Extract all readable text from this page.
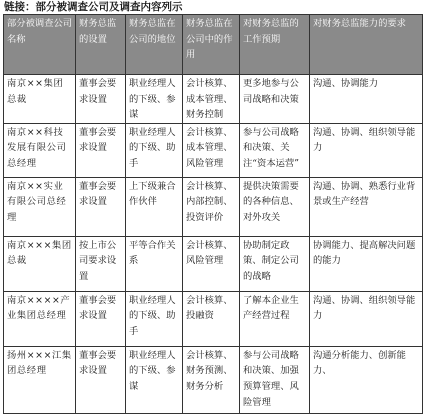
链接：部分被调查公司及调查内容列示
部分被调查公司名称	财务总监的设置	财务总监在公司的地位	财务总监在公司中的作用	对财务总监的工作预期	对财务总监能力的要求
南京××集团总裁	董事会要求设置	职业经理人的下级、参谋	会计核算、成本管理、财务控制	更多地参与公司战略和决策	沟通、协调能力
南京××科技发展有限公司总经理	董事会要求设置	职业经理人的下级、助手	会计核算、成本管理、风险管理	参与公司战略和决策、关注“资本运营”	沟通、协调、组织领导能力
南京××实业有限公司总经理	董事会要求设置	上下级兼合作伙伴	会计核算、内部控制、投资评价	提供决策需要的各种信息、对外攻关	沟通、协调、熟悉行业背景或生产经营
南京×××集团总裁	按上市公司要求设置	平等合作关系	会计核算、风险管理	协助制定政策、制定公司的战略	协调能力、提高解决问题的能力
南京××××产业集团总经理	董事会要求设置	职业经理人的下级、助手	会计核算、投融资	了解本企业生产经营过程	沟通、协调、组织领导能力
扬州×××江集团总经理	董事会要求设置	职业经理人的下级、参谋	会计核算、财务预测、财务分析	参与公司战略和决策、加强预算管理、风险管理	沟通分析能力、创新能力、
